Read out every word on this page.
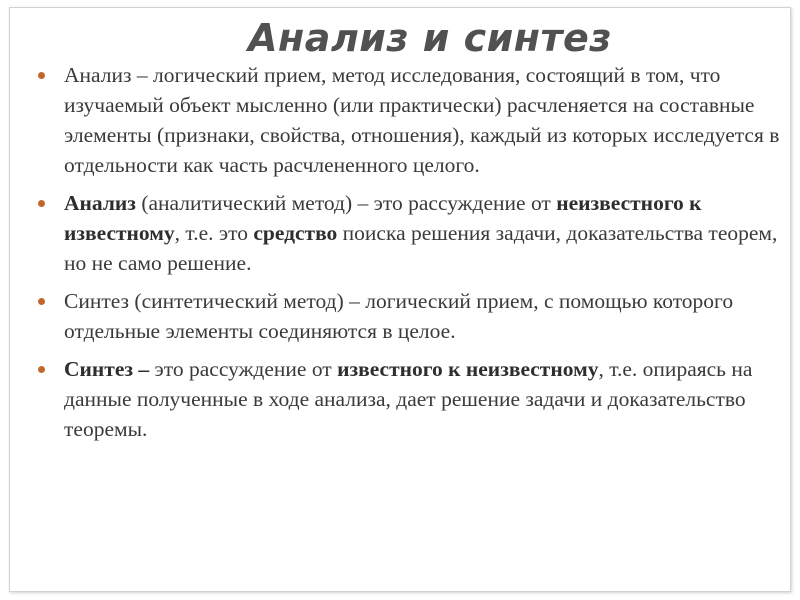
Анализ и синтез
Анализ – логический прием, метод исследования, состоящий в том, что изучаемый объект мысленно (или практически) расчленяется на составные элементы (признаки, свойства, отношения), каждый из которых исследуется в отдельности как часть расчлененного целого.
Анализ (аналитический метод) – это рассуждение от неизвестного к известному, т.е. это средство поиска решения задачи, доказательства теорем, но не само решение.
Синтез (синтетический метод) – логический прием, с помощью которого отдельные элементы соединяются в целое.
Синтез – это рассуждение от известного к неизвестному, т.е. опираясь на данные полученные в ходе анализа, дает решение задачи и доказательство теоремы.
